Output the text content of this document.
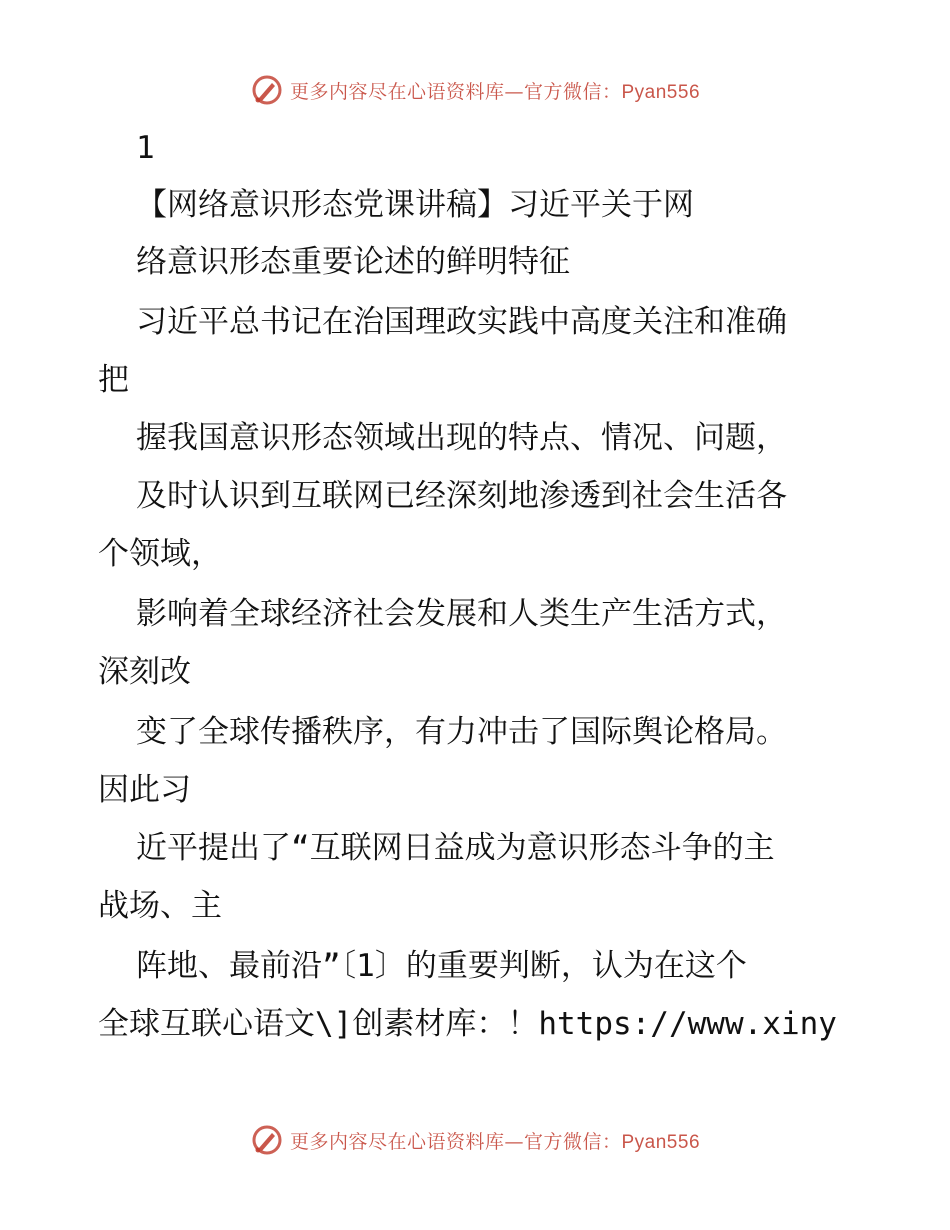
更多内容尽在心语资料库—官方微信：Pyan556
1
【网络意识形态党课讲稿】习近平关于网
络意识形态重要论述的鲜明特征
习近平总书记在治国理政实践中高度关注和准确
把
握我国意识形态领域出现的特点、情况、问题，
及时认识到互联网已经深刻地渗透到社会生活各
个领域，
影响着全球经济社会发展和人类生产生活方式，
深刻改
变了全球传播秩序，有力冲击了国际舆论格局。
因此习
近平提出了“互联网日益成为意识形态斗争的主
战场、主
阵地、最前沿”〔1〕的重要判断，认为在这个
全球互联心语文\]创素材库：！https://www.xiny
更多内容尽在心语资料库—官方微信：Pyan556
